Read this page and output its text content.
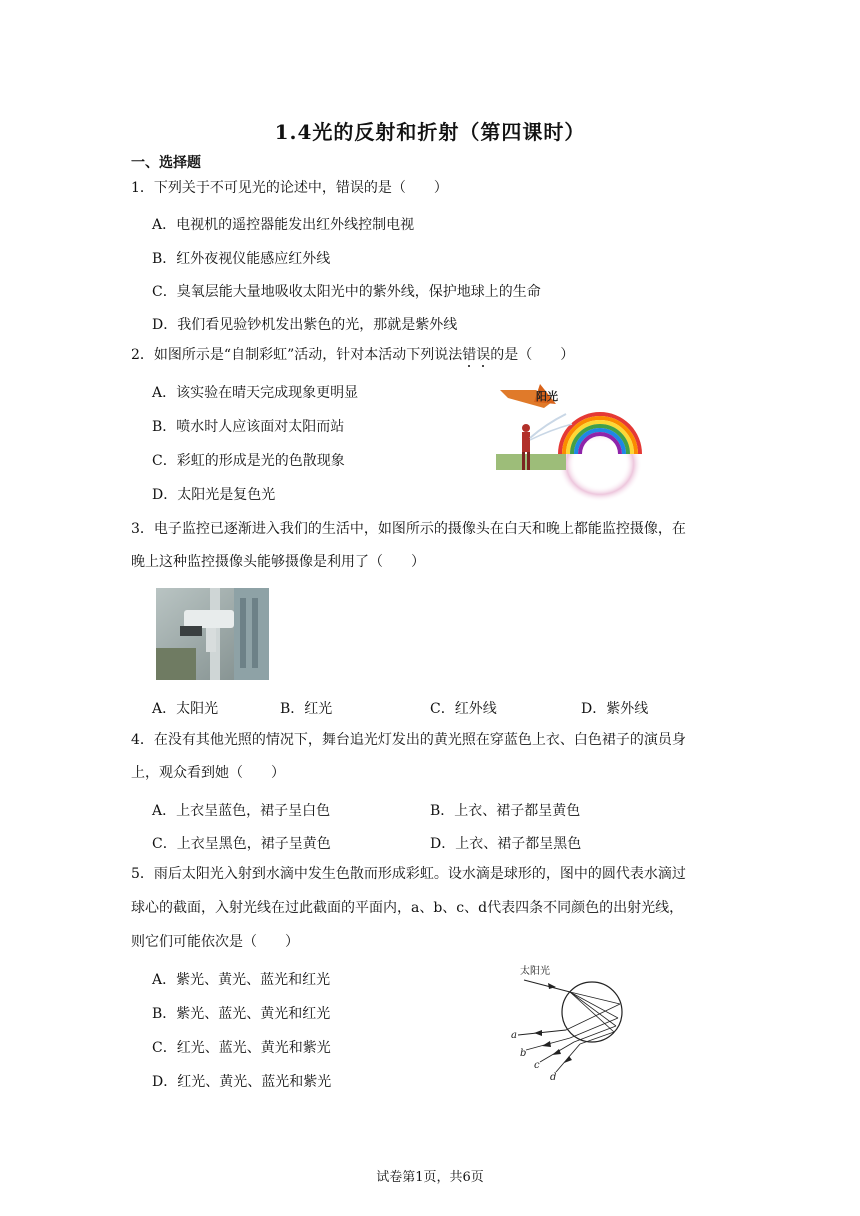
1.4光的反射和折射（第四课时）
一、选择题
1．下列关于不可见光的论述中，错误的是（　　）
A．电视机的遥控器能发出红外线控制电视
B．红外夜视仪能感应红外线
C．臭氧层能大量地吸收太阳光中的紫外线，保护地球上的生命
D．我们看见验钞机发出紫色的光，那就是紫外线
2．如图所示是“自制彩虹”活动，针对本活动下列说法错误
的是（　　）
A．该实验在晴天完成现象更明显
B．喷水时人应该面对太阳而站
C．彩虹的形成是光的色散现象
D．太阳光是复色光
阳光
3．电子监控已逐渐进入我们的生活中，如图所示的摄像头在白天和晚上都能监控摄像，在
晚上这种监控摄像头能够摄像是利用了（　　）
A．太阳光	B．红光	C．红外线	D．紫外线
4．在没有其他光照的情况下，舞台追光灯发出的黄光照在穿蓝色上衣、白色裙子的演员身
上，观众看到她（　　）
A．上衣呈蓝色，裙子呈白色	B．上衣、裙子都呈黄色
C．上衣呈黑色，裙子呈黄色	D．上衣、裙子都呈黑色
5．雨后太阳光入射到水滴中发生色散而形成彩虹。设水滴是球形的，图中的圆代表水滴过
球心的截面，入射光线在过此截面的平面内，a、b、c、d代表四条不同颜色的出射光线，
则它们可能依次是（　　）
A．紫光、黄光、蓝光和红光
B．紫光、蓝光、黄光和红光
C．红光、蓝光、黄光和紫光
D．红光、黄光、蓝光和紫光
太阳光
a
b
c
d
试卷第1页，共6页
